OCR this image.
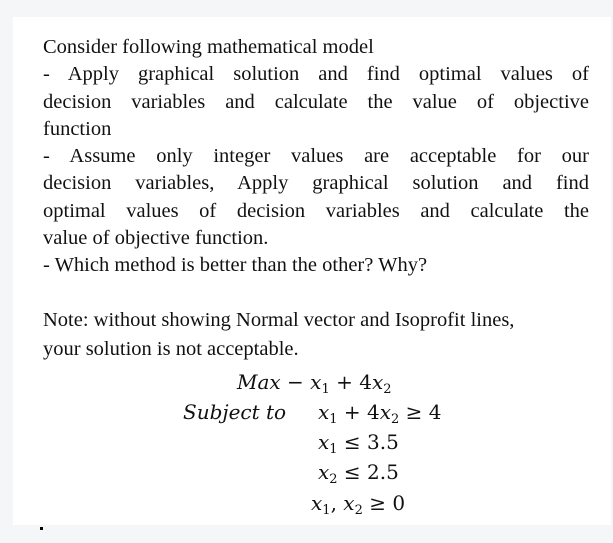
Consider following mathematical model
- Apply graphical solution and find optimal values of
decision variables and calculate the value of objective
function
- Assume only integer values are acceptable for our
decision variables, Apply graphical solution and find
optimal values of decision variables and calculate the
value of objective function.
- Which method is better than the other? Why?
Note: without showing Normal vector and Isoprofit lines,
your solution is not acceptable.
Max − $x_1 + 4x_2$
Subject to $x_1 + 4x_2 \ge 4$
$x_1 \le 3.5$
$x_2 \le 2.5$
$x_1$, $x_2 \ge 0$
